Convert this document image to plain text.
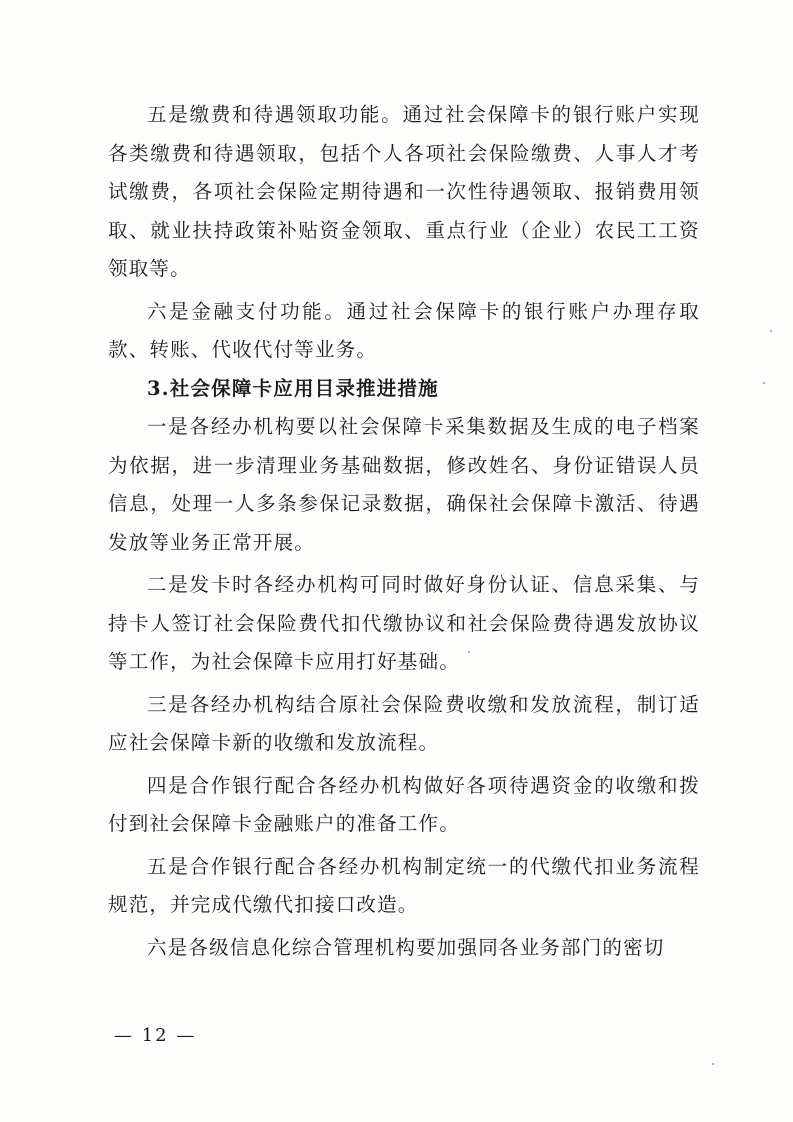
五是缴费和待遇领取功能。通过社会保障卡的银行账户实现各类缴费和待遇领取，包括个人各项社会保险缴费、人事人才考试缴费，各项社会保险定期待遇和一次性待遇领取、报销费用领取、就业扶持政策补贴资金领取、重点行业（企业）农民工工资领取等。

六是金融支付功能。通过社会保障卡的银行账户办理存取款、转账、代收代付等业务。

3.社会保障卡应用目录推进措施

一是各经办机构要以社会保障卡采集数据及生成的电子档案为依据，进一步清理业务基础数据，修改姓名、身份证错误人员信息，处理一人多条参保记录数据，确保社会保障卡激活、待遇发放等业务正常开展。

二是发卡时各经办机构可同时做好身份认证、信息采集、与持卡人签订社会保险费代扣代缴协议和社会保险费待遇发放协议等工作，为社会保障卡应用打好基础。

三是各经办机构结合原社会保险费收缴和发放流程，制订适应社会保障卡新的收缴和发放流程。

四是合作银行配合各经办机构做好各项待遇资金的收缴和拨付到社会保障卡金融账户的准备工作。

五是合作银行配合各经办机构制定统一的代缴代扣业务流程规范，并完成代缴代扣接口改造。

六是各级信息化综合管理机构要加强同各业务部门的密切

— 12 —
